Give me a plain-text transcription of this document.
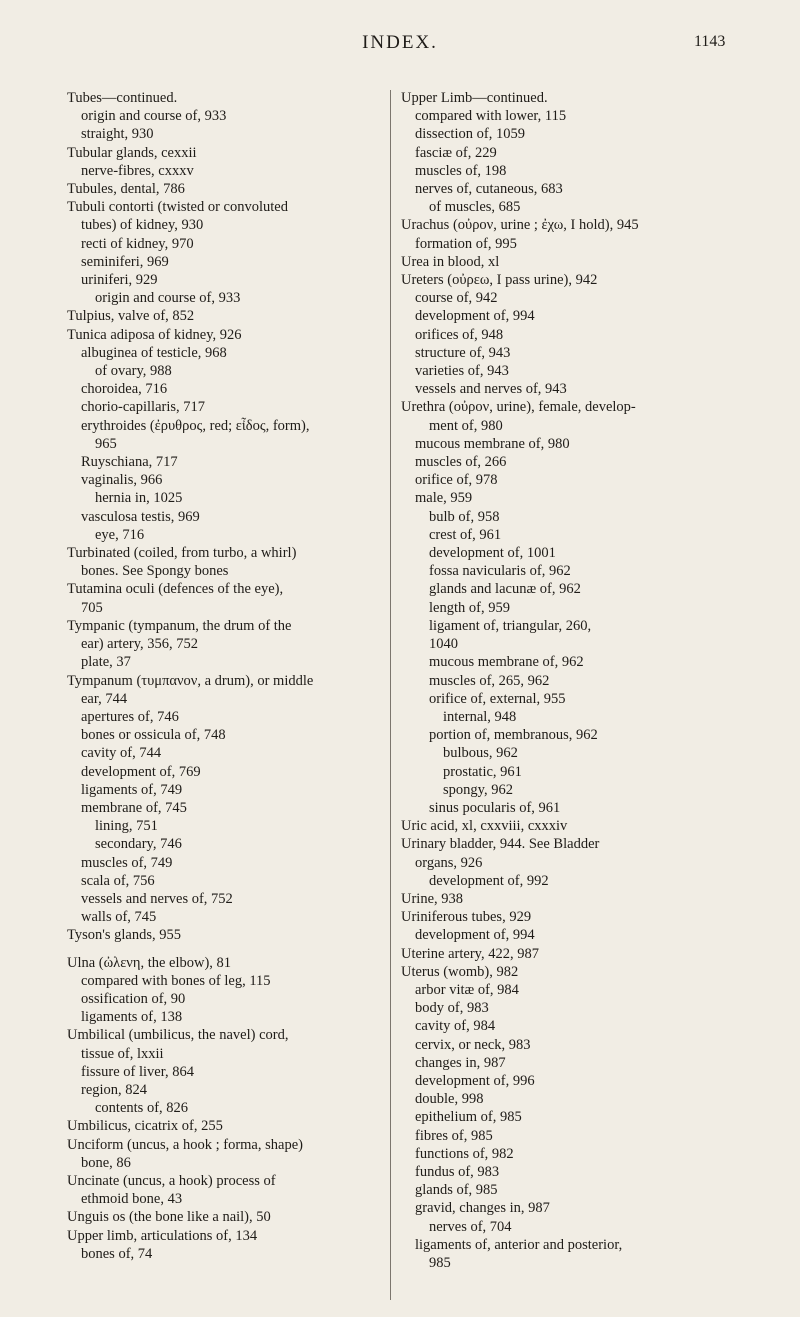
INDEX.	1143
Tubes—continued.
origin and course of, 933
straight, 930
Tubular glands, cexxii
nerve-fibres, cxxxv
Tubules, dental, 786
Tubuli contorti (twisted or convoluted
tubes) of kidney, 930
recti of kidney, 970
seminiferi, 969
uriniferi, 929
origin and course of, 933
Tulpius, valve of, 852
Tunica adiposa of kidney, 926
albuginea of testicle, 968
of ovary, 988
choroidea, 716
chorio-capillaris, 717
erythroides (ἐρυθρος, red; εἶδος, form),
965
Ruyschiana, 717
vaginalis, 966
hernia in, 1025
vasculosa testis, 969
eye, 716
Turbinated (coiled, from turbo, a whirl)
bones. See Spongy bones
Tutamina oculi (defences of the eye),
705
Tympanic (tympanum, the drum of the
ear) artery, 356, 752
plate, 37
Tympanum (τυμπανον, a drum), or middle
ear, 744
apertures of, 746
bones or ossicula of, 748
cavity of, 744
development of, 769
ligaments of, 749
membrane of, 745
lining, 751
secondary, 746
muscles of, 749
scala of, 756
vessels and nerves of, 752
walls of, 745
Tyson's glands, 955
Ulna (ὠλενη, the elbow), 81
compared with bones of leg, 115
ossification of, 90
ligaments of, 138
Umbilical (umbilicus, the navel) cord,
tissue of, lxxii
fissure of liver, 864
region, 824
contents of, 826
Umbilicus, cicatrix of, 255
Unciform (uncus, a hook ; forma, shape)
bone, 86
Uncinate (uncus, a hook) process of
ethmoid bone, 43
Unguis os (the bone like a nail), 50
Upper limb, articulations of, 134
bones of, 74
Upper Limb—continued.
compared with lower, 115
dissection of, 1059
fasciæ of, 229
muscles of, 198
nerves of, cutaneous, 683
of muscles, 685
Urachus (οὐρον, urine ; ἐχω, I hold), 945
formation of, 995
Urea in blood, xl
Ureters (οὐρεω, I pass urine), 942
course of, 942
development of, 994
orifices of, 948
structure of, 943
varieties of, 943
vessels and nerves of, 943
Urethra (οὐρον, urine), female, develop-
ment of, 980
mucous membrane of, 980
muscles of, 266
orifice of, 978
male, 959
bulb of, 958
crest of, 961
development of, 1001
fossa navicularis of, 962
glands and lacunæ of, 962
length of, 959
ligament of, triangular, 260,
1040
mucous membrane of, 962
muscles of, 265, 962
orifice of, external, 955
internal, 948
portion of, membranous, 962
bulbous, 962
prostatic, 961
spongy, 962
sinus pocularis of, 961
Uric acid, xl, cxxviii, cxxxiv
Urinary bladder, 944. See Bladder
organs, 926
development of, 992
Urine, 938
Uriniferous tubes, 929
development of, 994
Uterine artery, 422, 987
Uterus (womb), 982
arbor vitæ of, 984
body of, 983
cavity of, 984
cervix, or neck, 983
changes in, 987
development of, 996
double, 998
epithelium of, 985
fibres of, 985
functions of, 982
fundus of, 983
glands of, 985
gravid, changes in, 987
nerves of, 704
ligaments of, anterior and posterior,
985
